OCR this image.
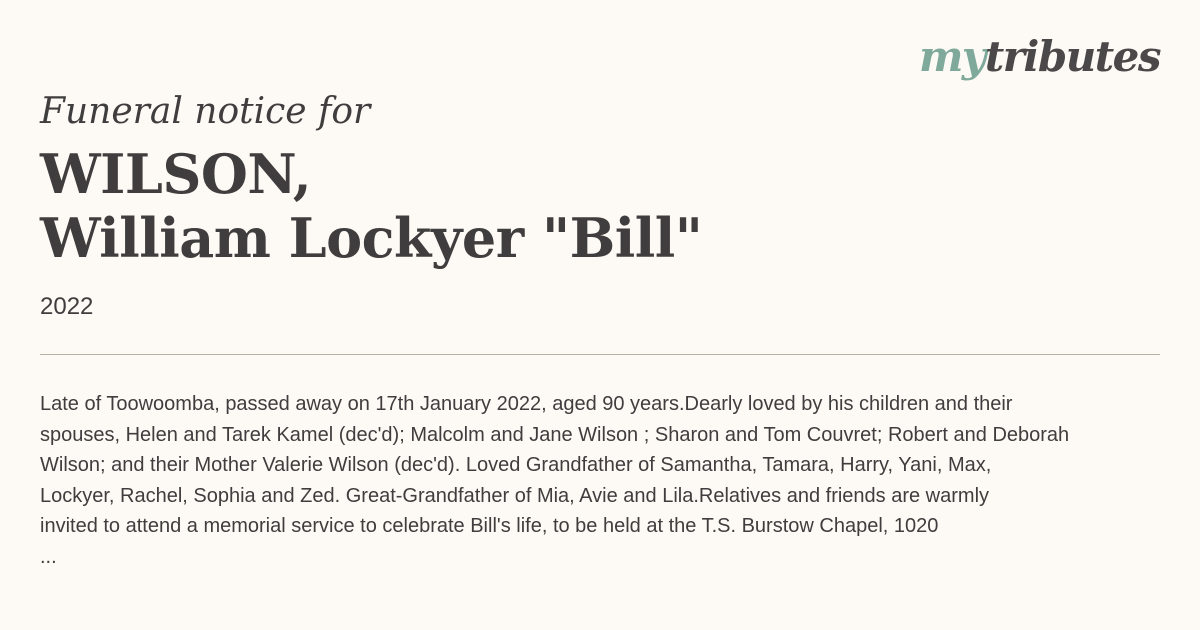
mytributes

Funeral notice for

WILSON,
William Lockyer "Bill"
2022
Late of Toowoomba, passed away on 17th January 2022, aged 90 years.Dearly loved by his children and their
spouses, Helen and Tarek Kamel (dec'd); Malcolm and Jane Wilson ; Sharon and Tom Couvret; Robert and Deborah
Wilson; and their Mother Valerie Wilson (dec'd). Loved Grandfather of Samantha, Tamara, Harry, Yani, Max,
Lockyer, Rachel, Sophia and Zed. Great-Grandfather of Mia, Avie and Lila.Relatives and friends are warmly
invited to attend a memorial service to celebrate Bill's life, to be held at the T.S. Burstow Chapel, 1020
...
